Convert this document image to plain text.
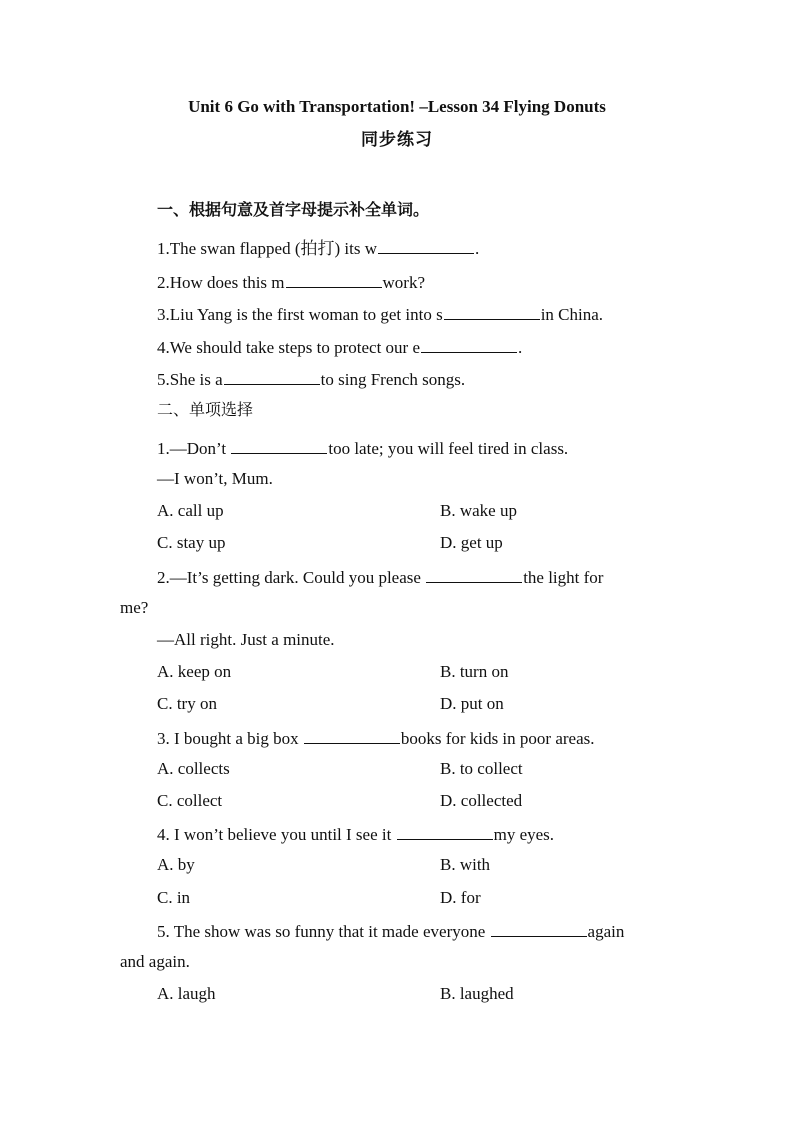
Unit 6 Go with Transportation! –Lesson 34 Flying Donuts
同步练习
一、根据句意及首字母提示补全单词。
1.The swan flapped (拍打) its w	.
2.How does this m	work?
3.Liu Yang is the first woman to get into s	in China.
4.We should take steps to protect our e	.
5.She is a	to sing French songs.
二、单项选择
1.—Don’t	too late; you will feel tired in class.
—I won’t, Mum.
A. call up	B. wake up
C. stay up	D. get up
2.—It’s getting dark. Could you please	the light for
me?
—All right. Just a minute.
A. keep on	B. turn on
C. try on	D. put on
3. I bought a big box	books for kids in poor areas.
A. collects	B. to collect
C. collect	D. collected
4. I won’t believe you until I see it	my eyes.
A. by	B. with
C. in	D. for
5. The show was so funny that it made everyone	again
and again.
A. laugh	B. laughed
